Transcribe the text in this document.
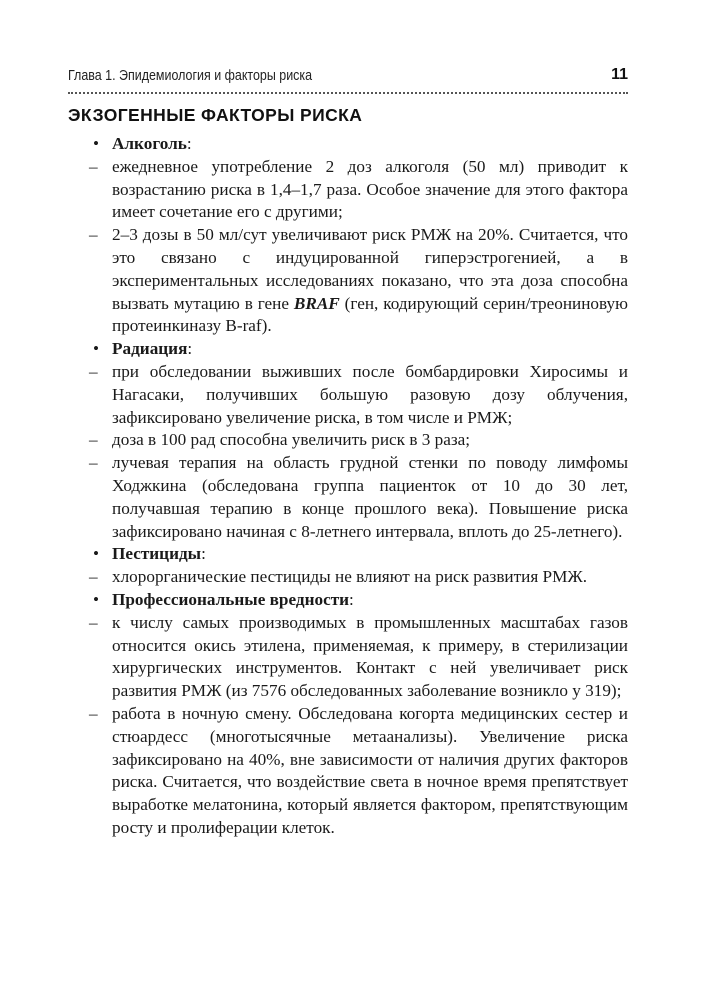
Глава 1. Эпидемиология и факторы риска	11
ЭКЗОГЕННЫЕ ФАКТОРЫ РИСКА
• Алкоголь:
– ежедневное употребление 2 доз алкоголя (50 мл) приводит к возрастанию риска в 1,4–1,7 раза. Особое значение для этого фактора имеет сочетание его с другими;
– 2–3 дозы в 50 мл/сут увеличивают риск РМЖ на 20%. Считается, что это связано с индуцированной гиперэстрогенией, а в экспериментальных исследованиях показано, что эта доза способна вызвать мутацию в гене BRAF (ген, кодирующий серин/треониновую протеинкиназу B-raf).
• Радиация:
– при обследовании выживших после бомбардировки Хиросимы и Нагасаки, получивших большую разовую дозу облучения, зафиксировано увеличение риска, в том числе и РМЖ;
– доза в 100 рад способна увеличить риск в 3 раза;
– лучевая терапия на область грудной стенки по поводу лимфомы Ходжкина (обследована группа пациенток от 10 до 30 лет, получавшая терапию в конце прошлого века). Повышение риска зафиксировано начиная с 8-летнего интервала, вплоть до 25-летнего).
• Пестициды:
– хлорорганические пестициды не влияют на риск развития РМЖ.
• Профессиональные вредности:
– к числу самых производимых в промышленных масштабах газов относится окись этилена, применяемая, к примеру, в стерилизации хирургических инструментов. Контакт с ней увеличивает риск развития РМЖ (из 7576 обследованных заболевание возникло у 319);
– работа в ночную смену. Обследована когорта медицинских сестер и стюардесс (многотысячные метаанализы). Увеличение риска зафиксировано на 40%, вне зависимости от наличия других факторов риска. Считается, что воздействие света в ночное время препятствует выработке мелатонина, который является фактором, препятствующим росту и пролиферации клеток.
